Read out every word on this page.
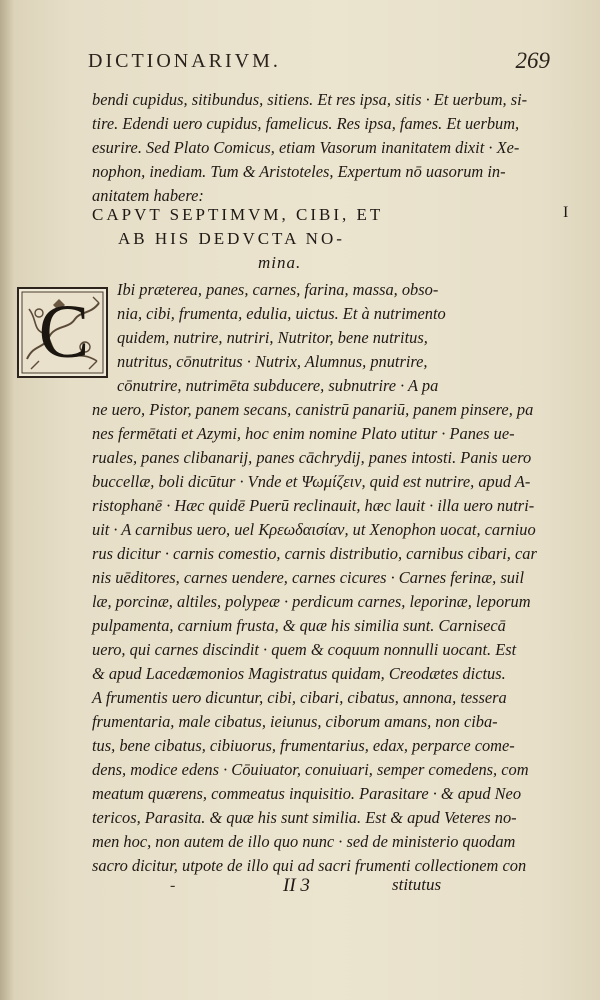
DICTIONARIVM.	269
bendi cupidus, sitibundus, sitiens. Et res ipsa, sitis · Et uerbum, si-
tire. Edendi uero cupidus, famelicus. Res ipsa, fames. Et uerbum,
esurire. Sed Plato Comicus, etiam Vasorum inanitatem dixit · Xe-
nophon, inediam. Tum & Aristoteles, Expertum nō uasorum in-
anitatem habere:
CAPVT SEPTIMVM, CIBI, ET
AB HIS DEDVCTA NO-
mina.
I
C
Ibi præterea, panes, carnes, farina, massa, obso-
nia, cibi, frumenta, edulia, uictus. Et à nutrimento
quidem, nutrire, nutriri, Nutritor, bene nutritus,
nutritus, cōnutritus · Nutrix, Alumnus, pnutrire,
cōnutrire, nutrimēta subducere, subnutrire · A pa
ne uero, Pistor, panem secans, canistrū panariū, panem pinsere, pa
nes fermētati et Azymi, hoc enim nomine Plato utitur · Panes ue-
ruales, panes clibanarij, panes cāchrydij, panes intosti. Panis uero
buccellæ, boli dicūtur · Vnde et Ψωμίζειν, quid est nutrire, apud A-
ristophanē · Hæc quidē Puerū reclinauit, hæc lauit · illa uero nutri-
uit · A carnibus uero, uel Κρεωδαισίαν, ut Xenophon uocat, carniuo
rus dicitur · carnis comestio, carnis distributio, carnibus cibari, car
nis uēditores, carnes uendere, carnes cicures · Carnes ferinæ, suil
læ, porcinæ, altiles, polypeæ · perdicum carnes, leporinæ, leporum
pulpamenta, carnium frusta, & quæ his similia sunt. Carnisecā
uero, qui carnes discindit · quem & coquum nonnulli uocant. Est
& apud Lacedæmonios Magistratus quidam, Creodætes dictus.
A frumentis uero dicuntur, cibi, cibari, cibatus, annona, tessera
frumentaria, male cibatus, ieiunus, ciborum amans, non ciba-
tus, bene cibatus, cibiuorus, frumentarius, edax, perparce come-
dens, modice edens · Cōuiuator, conuiuari, semper comedens, com
meatum quærens, commeatus inquisitio. Parasitare · & apud Neo
tericos, Parasita. & quæ his sunt similia. Est & apud Veteres no-
men hoc, non autem de illo quo nunc · sed de ministerio quodam
sacro dicitur, utpote de illo qui ad sacri frumenti collectionem con
-	II 3	stitutus
